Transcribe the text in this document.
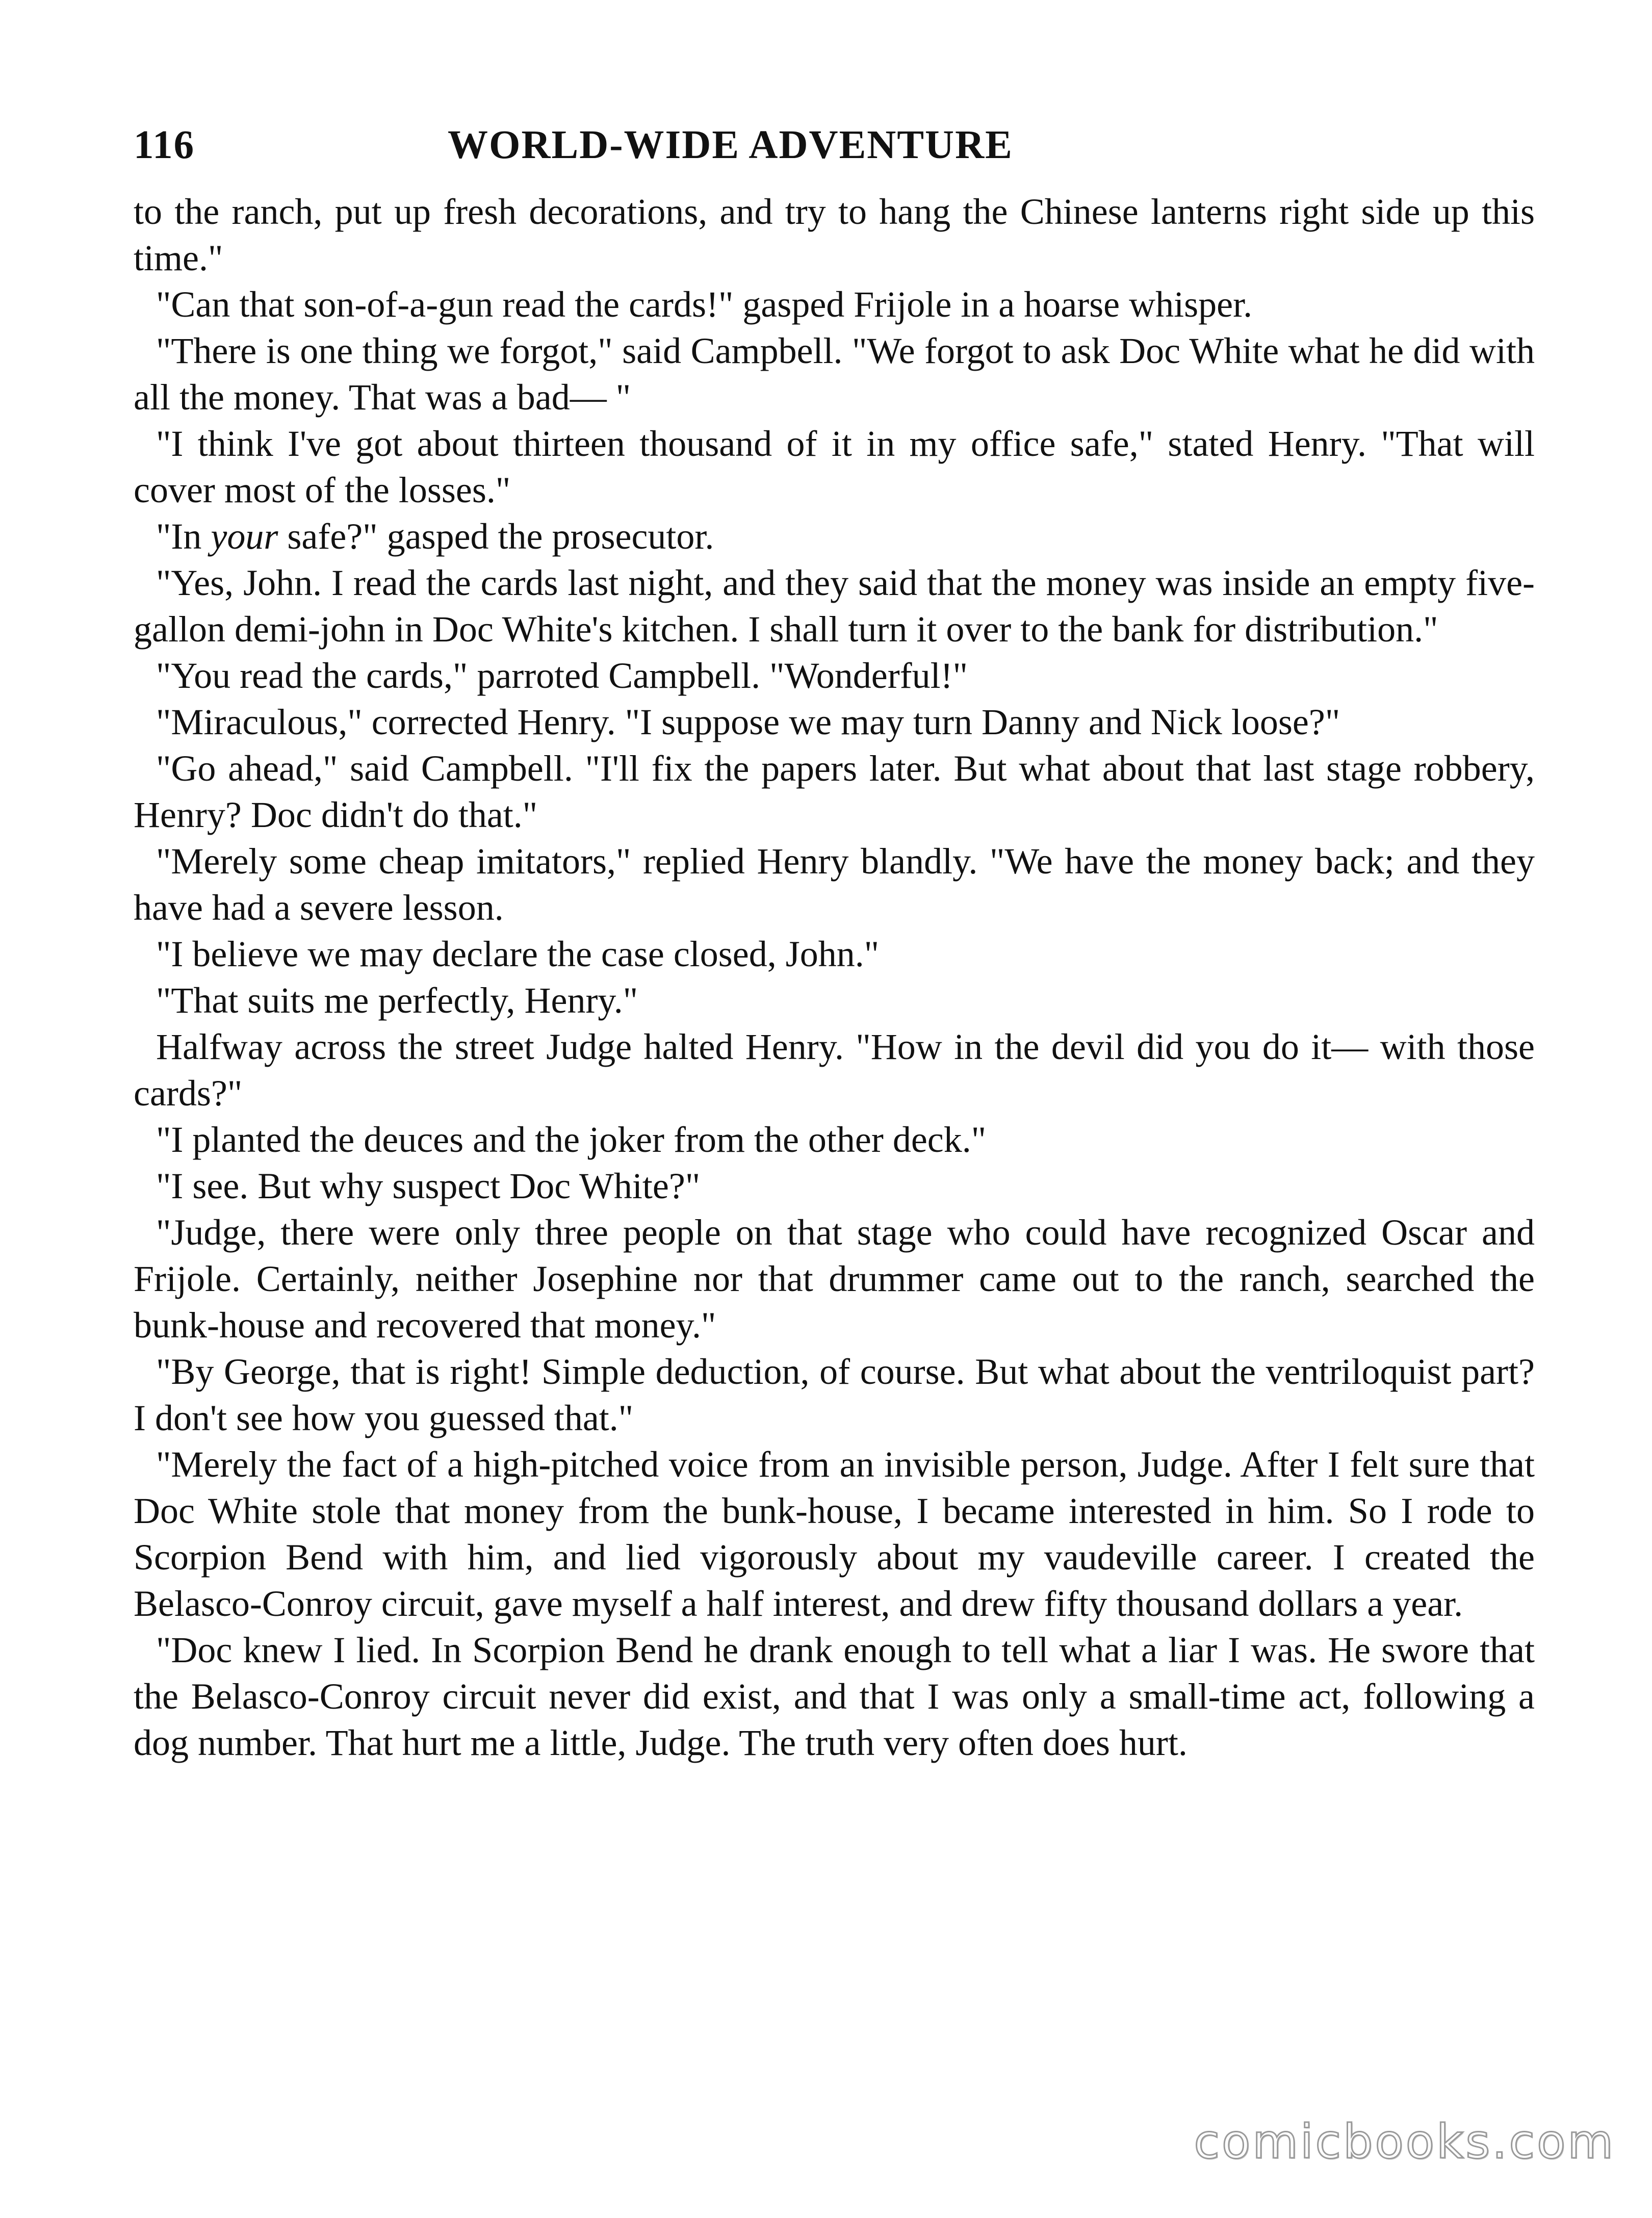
116	WORLD-WIDE ADVENTURE

to the ranch, put up fresh decorations, and try to hang the Chinese lanterns right side up this time."

"Can that son-of-a-gun read the cards!" gasped Frijole in a hoarse whisper.

"There is one thing we forgot," said Campbell. "We forgot to ask Doc White what he did with all the money. That was a bad— "

"I think I've got about thirteen thousand of it in my office safe," stated Henry. "That will cover most of the losses."

"In your safe?" gasped the prosecutor.

"Yes, John. I read the cards last night, and they said that the money was inside an empty five-gallon demi-john in Doc White's kitchen. I shall turn it over to the bank for distribution."

"You read the cards," parroted Campbell. "Wonderful!"

"Miraculous," corrected Henry. "I suppose we may turn Danny and Nick loose?"

"Go ahead," said Campbell. "I'll fix the papers later. But what about that last stage robbery, Henry? Doc didn't do that."

"Merely some cheap imitators," replied Henry blandly. "We have the money back; and they have had a severe lesson.

"I believe we may declare the case closed, John."

"That suits me perfectly, Henry."

Halfway across the street Judge halted Henry. "How in the devil did you do it— with those cards?"

"I planted the deuces and the joker from the other deck."

"I see. But why suspect Doc White?"

"Judge, there were only three people on that stage who could have recognized Oscar and Frijole. Certainly, neither Josephine nor that drummer came out to the ranch, searched the bunk-house and recovered that money."

"By George, that is right! Simple deduction, of course. But what about the ventriloquist part? I don't see how you guessed that."

"Merely the fact of a high-pitched voice from an invisible person, Judge. After I felt sure that Doc White stole that money from the bunk-house, I became interested in him. So I rode to Scorpion Bend with him, and lied vigorously about my vaudeville career. I created the Belasco-Conroy circuit, gave myself a half interest, and drew fifty thousand dollars a year.

"Doc knew I lied. In Scorpion Bend he drank enough to tell what a liar I was. He swore that the Belasco-Conroy circuit never did exist, and that I was only a small-time act, following a dog number. That hurt me a little, Judge. The truth very often does hurt.

comicbooks.com
